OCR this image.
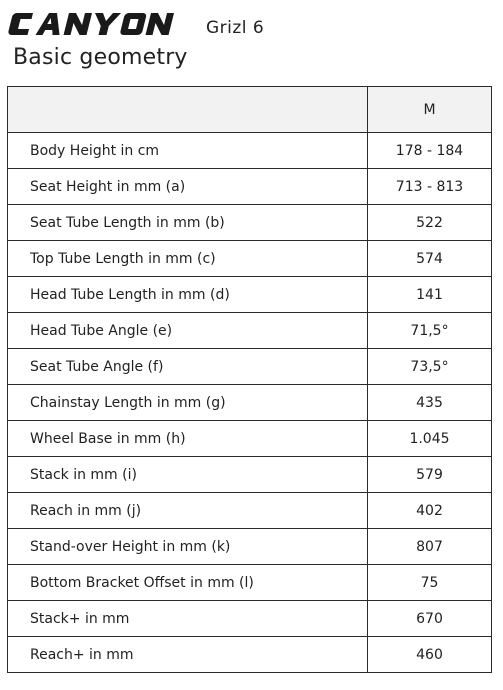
Grizl 6
Basic geometry
	M
Body Height in cm	178 - 184
Seat Height in mm (a)	713 - 813
Seat Tube Length in mm (b)	522
Top Tube Length in mm (c)	574
Head Tube Length in mm (d)	141
Head Tube Angle (e)	71,5°
Seat Tube Angle (f)	73,5°
Chainstay Length in mm (g)	435
Wheel Base in mm (h)	1.045
Stack in mm (i)	579
Reach in mm (j)	402
Stand-over Height in mm (k)	807
Bottom Bracket Offset in mm (l)	75
Stack+ in mm	670
Reach+ in mm	460
